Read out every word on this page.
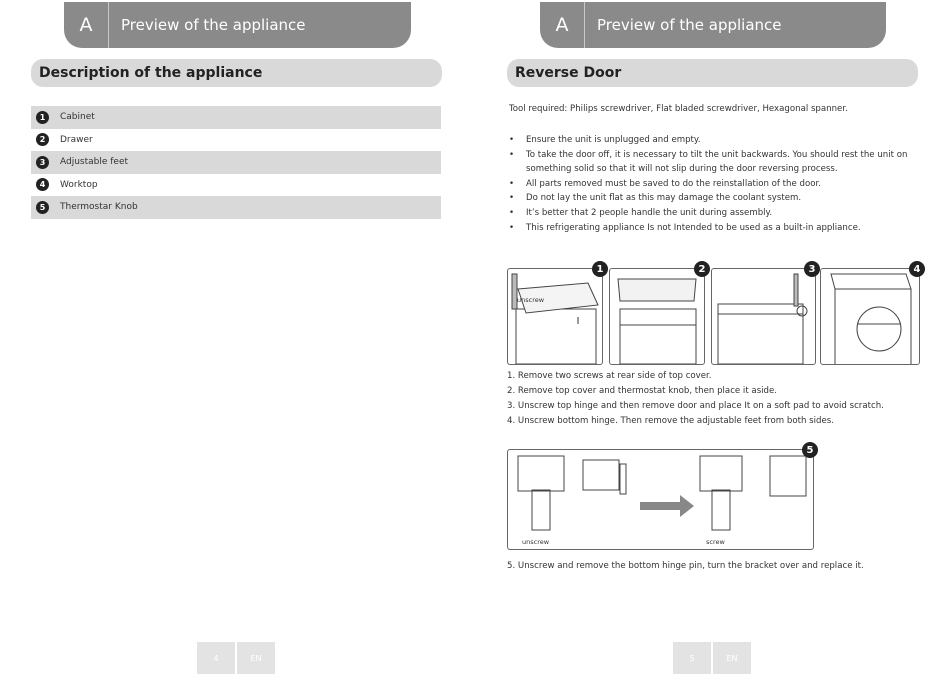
A	Preview of the appliance
Description of the appliance
1	Cabinet
2	Drawer
3	Adjustable feet
4	Worktop
5	Thermostar Knob
4	EN
A	Preview of the appliance
Reverse Door
Tool required: Philips screwdriver, Flat bladed screwdriver, Hexagonal spanner.
• Ensure the unit is unplugged and empty.
• To take the door off, it is necessary to tilt the unit backwards. You should rest the unit on something solid so that it will not slip during the door reversing process.
• All parts removed must be saved to do the reinstallation of the door.
• Do not lay the unit flat as this may damage the coolant system.
• It’s better that 2 people handle the unit during assembly.
• This refrigerating appliance Is not Intended to be used as a built-in appliance.
unscrew
1	2	3	4
1. Remove two screws at rear side of top cover.
2. Remove top cover and thermostat knob, then place it aside.
3. Unscrew top hinge and then remove door and place It on a soft pad to avoid scratch.
4. Unscrew bottom hinge. Then remove the adjustable feet from both sides.
unscrew	screw
5
5. Unscrew and remove the bottom hinge pin, turn the bracket over and replace it.
5	EN
